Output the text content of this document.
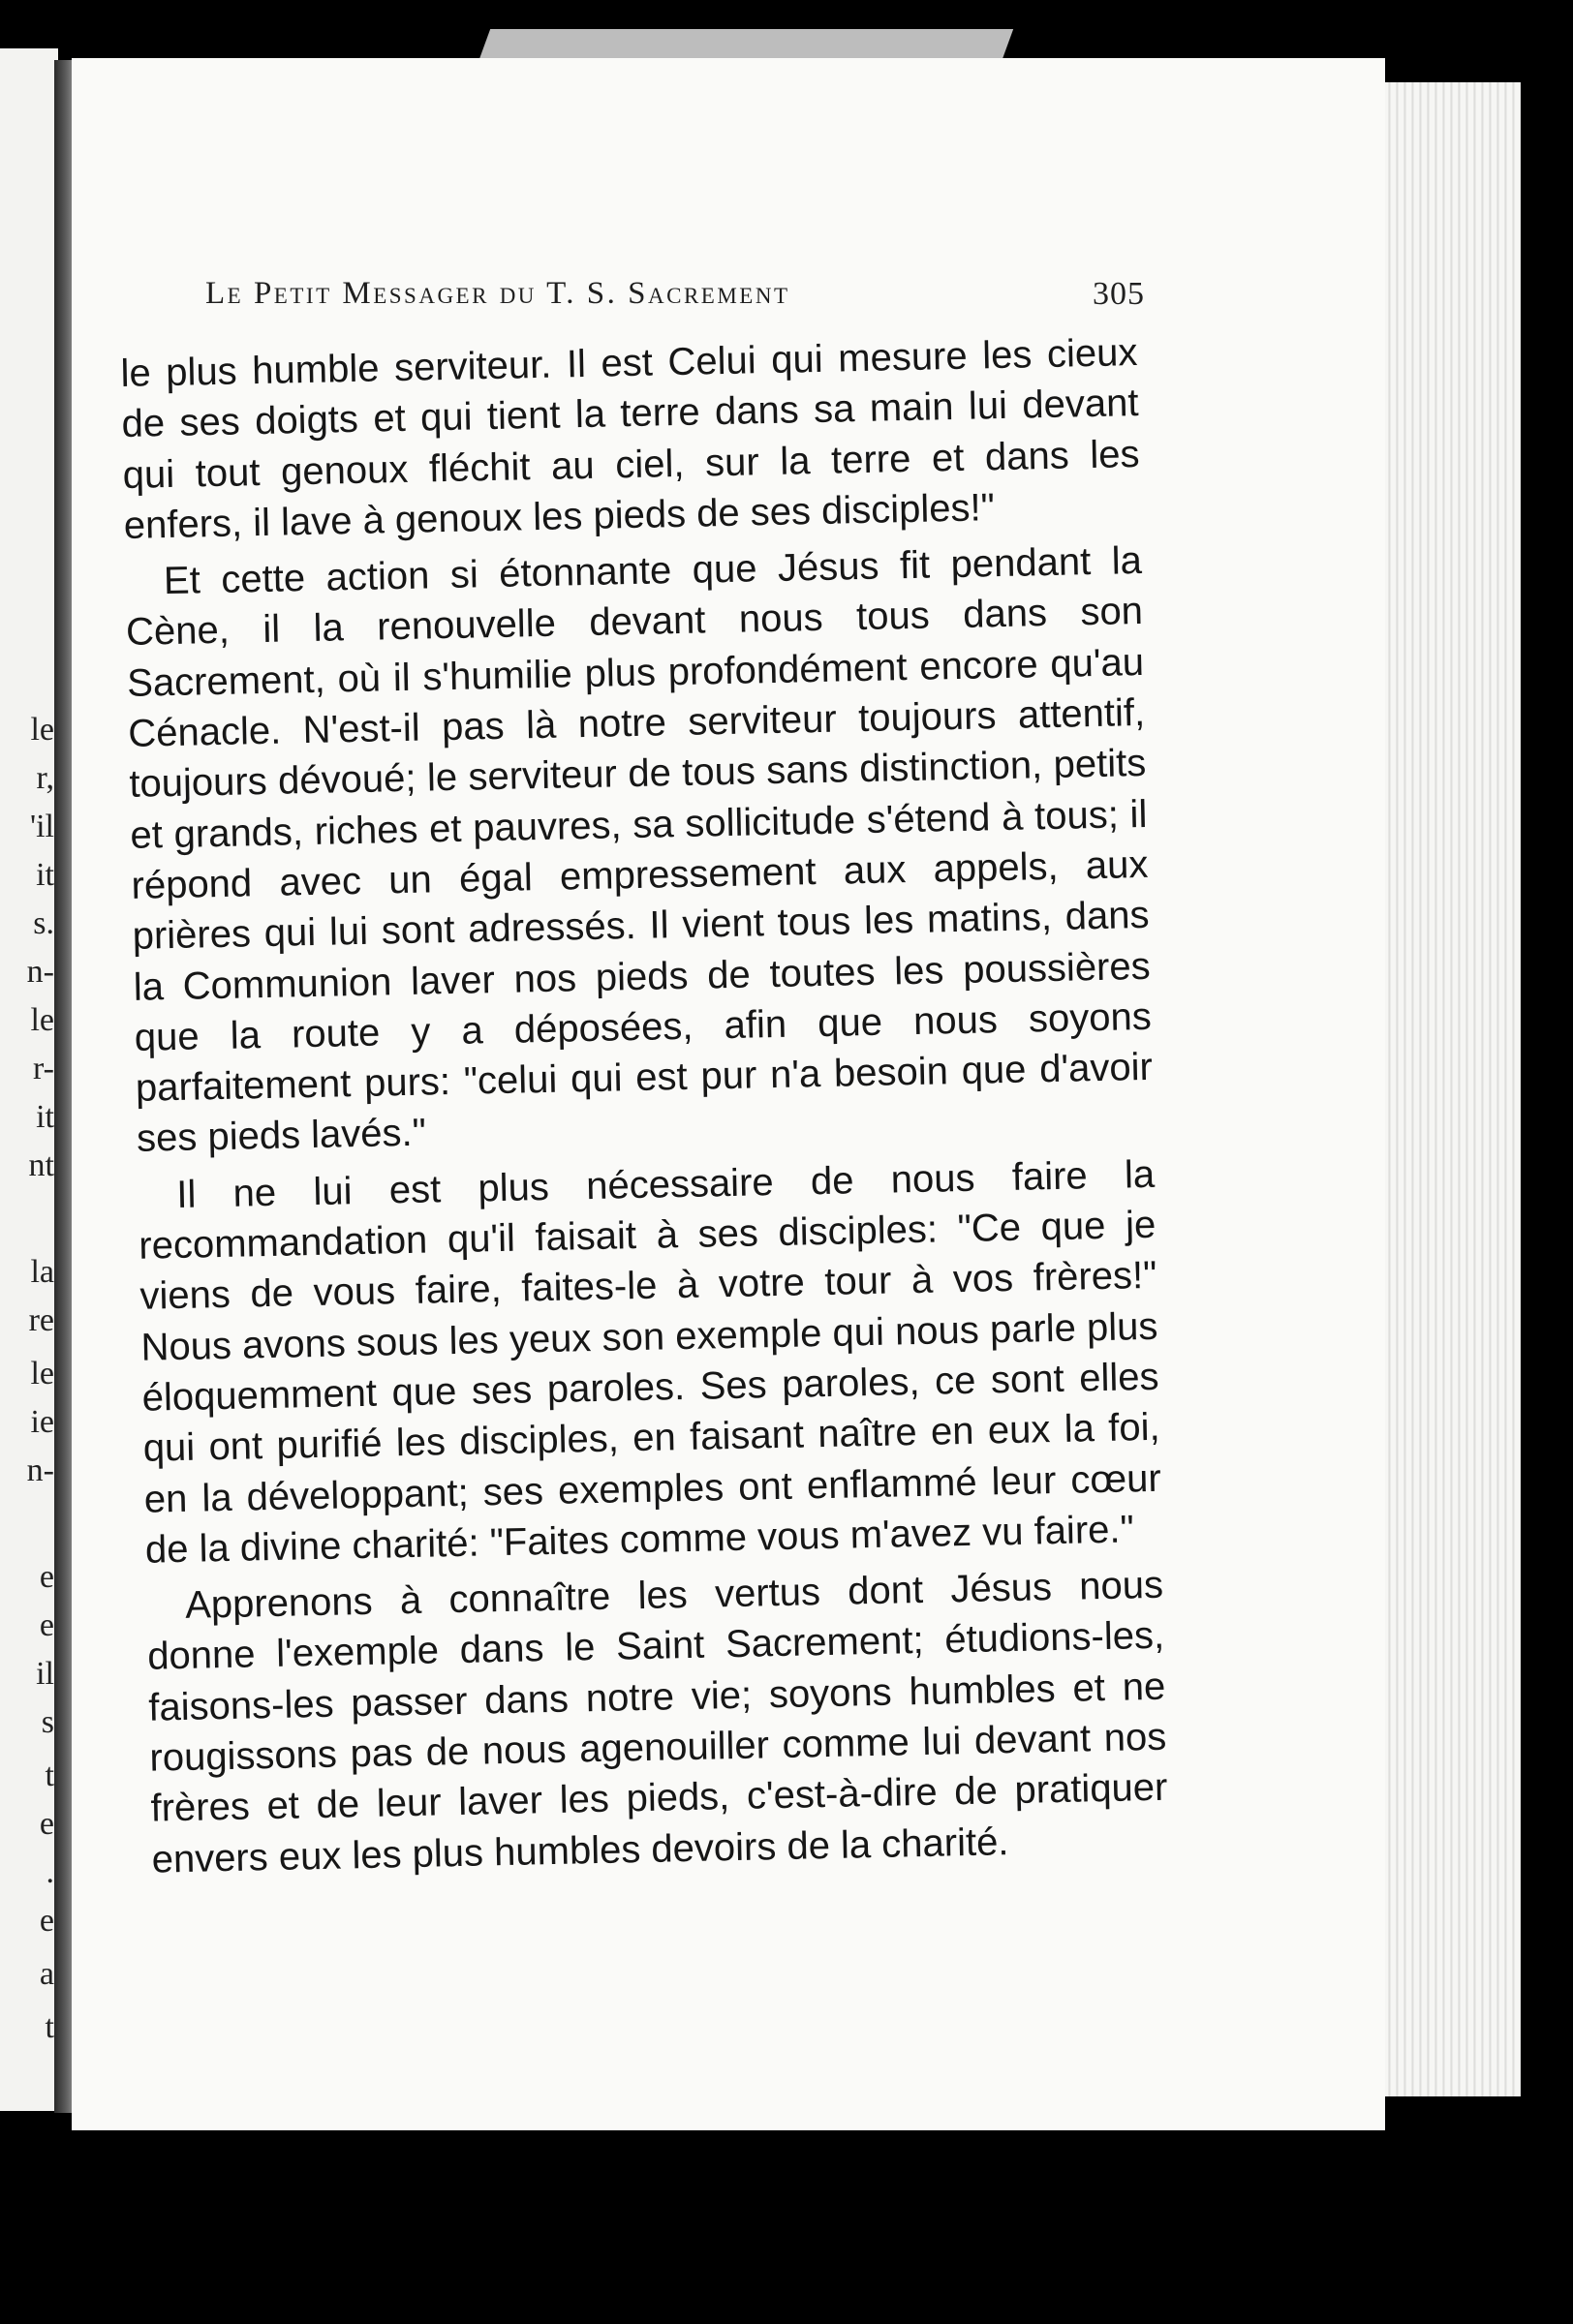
le
r,
'il
it
s.
n-
le
r-
it
nt
la
re
le
ie
n-
e
e
il
s
t
e
.
e
a
t
Le Petit Messager du T. S. Sacrement	305

le plus humble serviteur. Il est Celui qui mesure les cieux de ses doigts et qui tient la terre dans sa main lui devant qui tout genoux fléchit au ciel, sur la terre et dans les enfers, il lave à genoux les pieds de ses disciples!"

Et cette action si étonnante que Jésus fit pendant la Cène, il la renouvelle devant nous tous dans son Sacrement, où il s'humilie plus profondément encore qu'au Cénacle. N'est-il pas là notre serviteur toujours attentif, toujours dévoué; le serviteur de tous sans distinction, petits et grands, riches et pauvres, sa sollicitude s'étend à tous; il répond avec un égal empressement aux appels, aux prières qui lui sont adressés. Il vient tous les matins, dans la Communion laver nos pieds de toutes les poussières que la route y a déposées, afin que nous soyons parfaitement purs: "celui qui est pur n'a besoin que d'avoir ses pieds lavés."

Il ne lui est plus nécessaire de nous faire la recommandation qu'il faisait à ses disciples: "Ce que je viens de vous faire, faites-le à votre tour à vos frères!" Nous avons sous les yeux son exemple qui nous parle plus éloquemment que ses paroles. Ses paroles, ce sont elles qui ont purifié les disciples, en faisant naître en eux la foi, en la développant; ses exemples ont enflammé leur cœur de la divine charité: "Faites comme vous m'avez vu faire."

Apprenons à connaître les vertus dont Jésus nous donne l'exemple dans le Saint Sacrement; étudions-les, faisons-les passer dans notre vie; soyons humbles et ne rougissons pas de nous agenouiller comme lui devant nos frères et de leur laver les pieds, c'est-à-dire de pratiquer envers eux les plus humbles devoirs de la charité.
